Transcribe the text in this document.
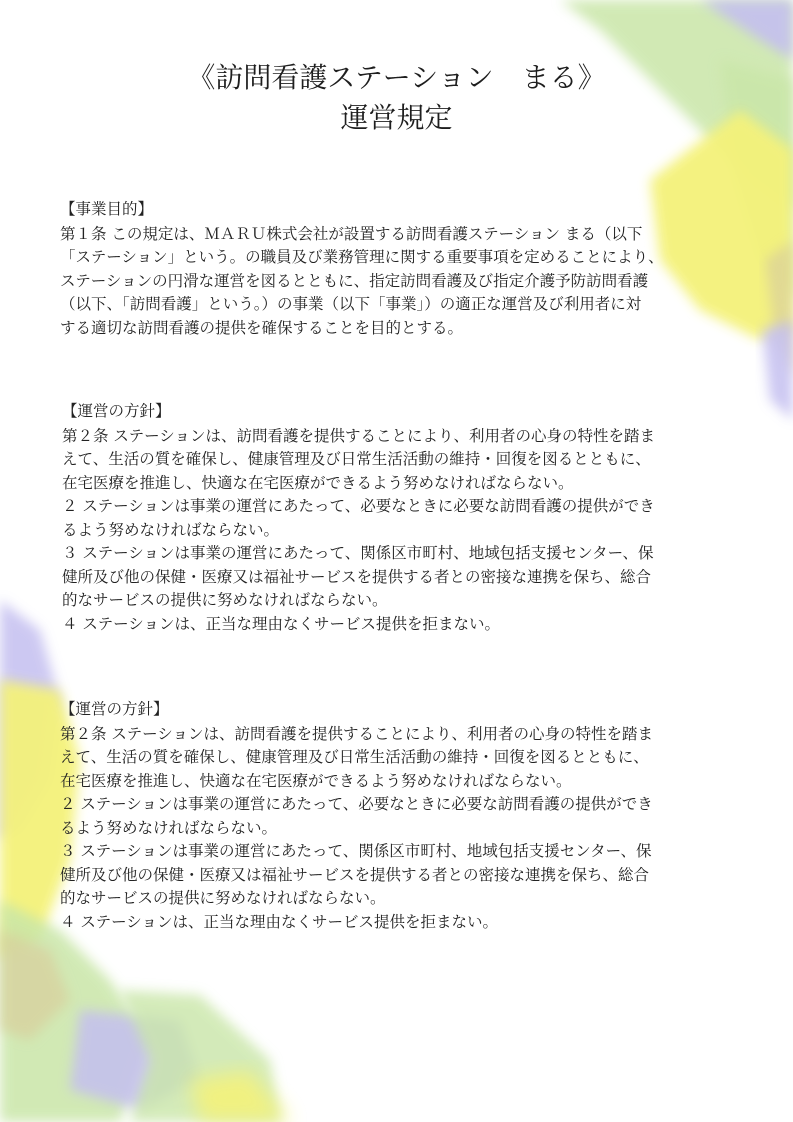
《訪問看護ステーション　まる》
運営規定
【事業目的】
第１条 この規定は、ＭＡＲＵ株式会社が設置する訪問看護ステーション まる（以下
「ステーション」という。の職員及び業務管理に関する重要事項を定めることにより、
ステーションの円滑な運営を図るとともに、指定訪問看護及び指定介護予防訪問看護
（以下、「訪問看護」という。）の事業（以下「事業」）の適正な運営及び利用者に対
する適切な訪問看護の提供を確保することを目的とする。
【運営の方針】
第２条 ステーションは、訪問看護を提供することにより、利用者の心身の特性を踏ま
えて、生活の質を確保し、健康管理及び日常生活活動の維持・回復を図るとともに、
在宅医療を推進し、快適な在宅医療ができるよう努めなければならない。
２ ステーションは事業の運営にあたって、必要なときに必要な訪問看護の提供ができ
るよう努めなければならない。
３ ステーションは事業の運営にあたって、関係区市町村、地域包括支援センター、保
健所及び他の保健・医療又は福祉サービスを提供する者との密接な連携を保ち、総合
的なサービスの提供に努めなければならない。
４ ステーションは、正当な理由なくサービス提供を拒まない。
【運営の方針】
第２条 ステーションは、訪問看護を提供することにより、利用者の心身の特性を踏ま
えて、生活の質を確保し、健康管理及び日常生活活動の維持・回復を図るとともに、
在宅医療を推進し、快適な在宅医療ができるよう努めなければならない。
２ ステーションは事業の運営にあたって、必要なときに必要な訪問看護の提供ができ
るよう努めなければならない。
３ ステーションは事業の運営にあたって、関係区市町村、地域包括支援センター、保
健所及び他の保健・医療又は福祉サービスを提供する者との密接な連携を保ち、総合
的なサービスの提供に努めなければならない。
４ ステーションは、正当な理由なくサービス提供を拒まない。
